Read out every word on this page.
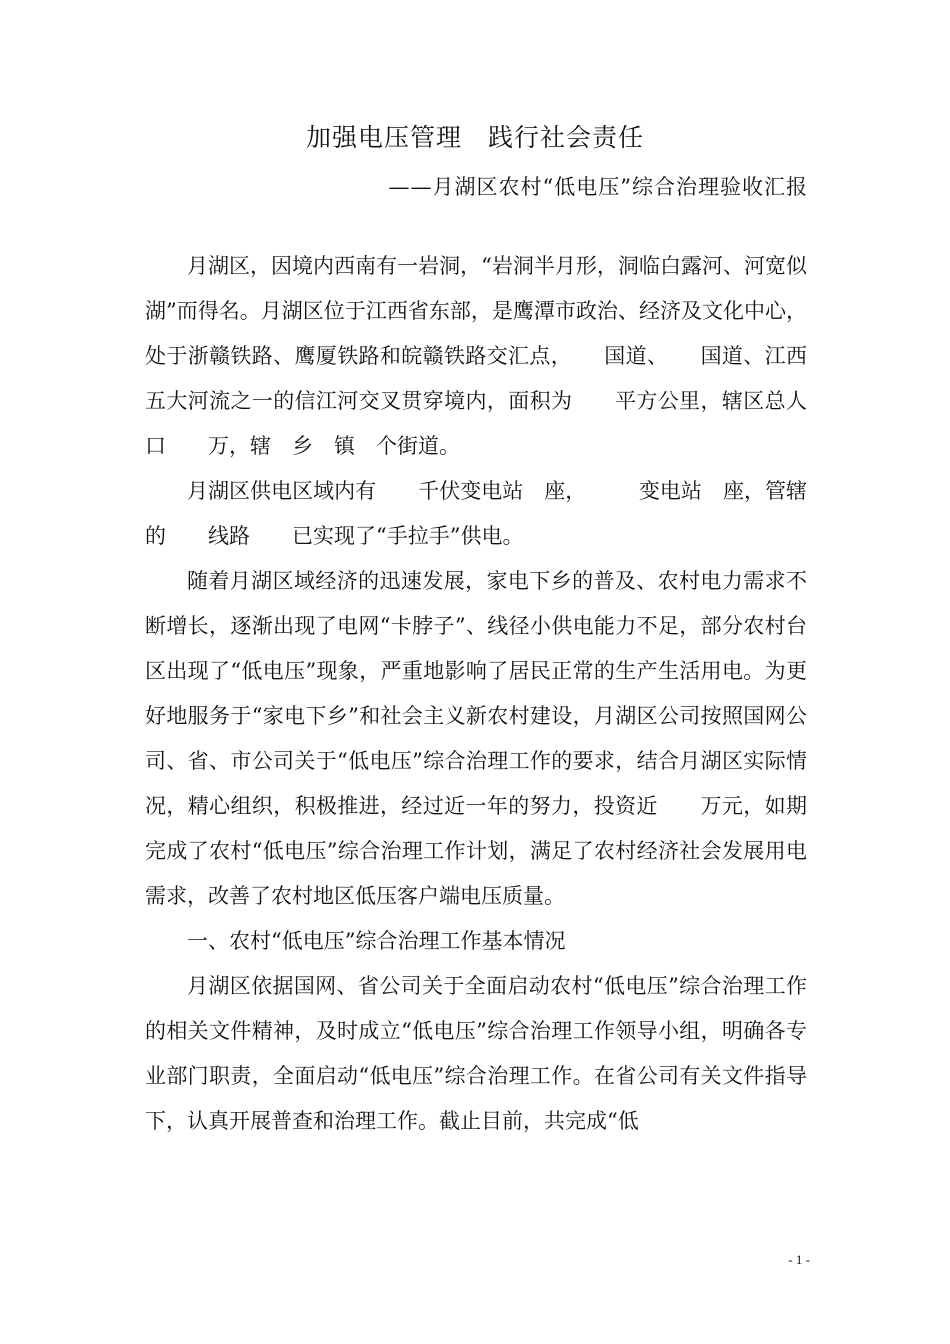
加强电压管理　践行社会责任
——月湖区农村“低电压”综合治理验收汇报

月湖区，因境内西南有一岩洞，“岩洞半月形，洞临白露河、河宽似湖”而得名。月湖区位于江西省东部，是鹰潭市政治、经济及文化中心，处于浙赣铁路、鹰厦铁路和皖赣铁路交汇点，　　国道、　　国道、江西五大河流之一的信江河交叉贯穿境内，面积为　　平方公里，辖区总人口　　万，辖　乡　镇　个街道。

月湖区供电区域内有　　千伏变电站　座，　　　变电站　座，管辖的　　线路　　已实现了“手拉手”供电。

随着月湖区域经济的迅速发展，家电下乡的普及、农村电力需求不断增长，逐渐出现了电网“卡脖子”、线径小供电能力不足，部分农村台区出现了“低电压”现象，严重地影响了居民正常的生产生活用电。为更好地服务于“家电下乡”和社会主义新农村建设，月湖区公司按照国网公司、省、市公司关于“低电压”综合治理工作的要求，结合月湖区实际情况，精心组织，积极推进，经过近一年的努力，投资近　　万元，如期完成了农村“低电压”综合治理工作计划，满足了农村经济社会发展用电需求，改善了农村地区低压客户端电压质量。

一、农村“低电压”综合治理工作基本情况

月湖区依据国网、省公司关于全面启动农村“低电压”综合治理工作的相关文件精神，及时成立“低电压”综合治理工作领导小组，明确各专业部门职责，全面启动“低电压”综合治理工作。在省公司有关文件指导下，认真开展普查和治理工作。截止目前，共完成“低

- 1 -
